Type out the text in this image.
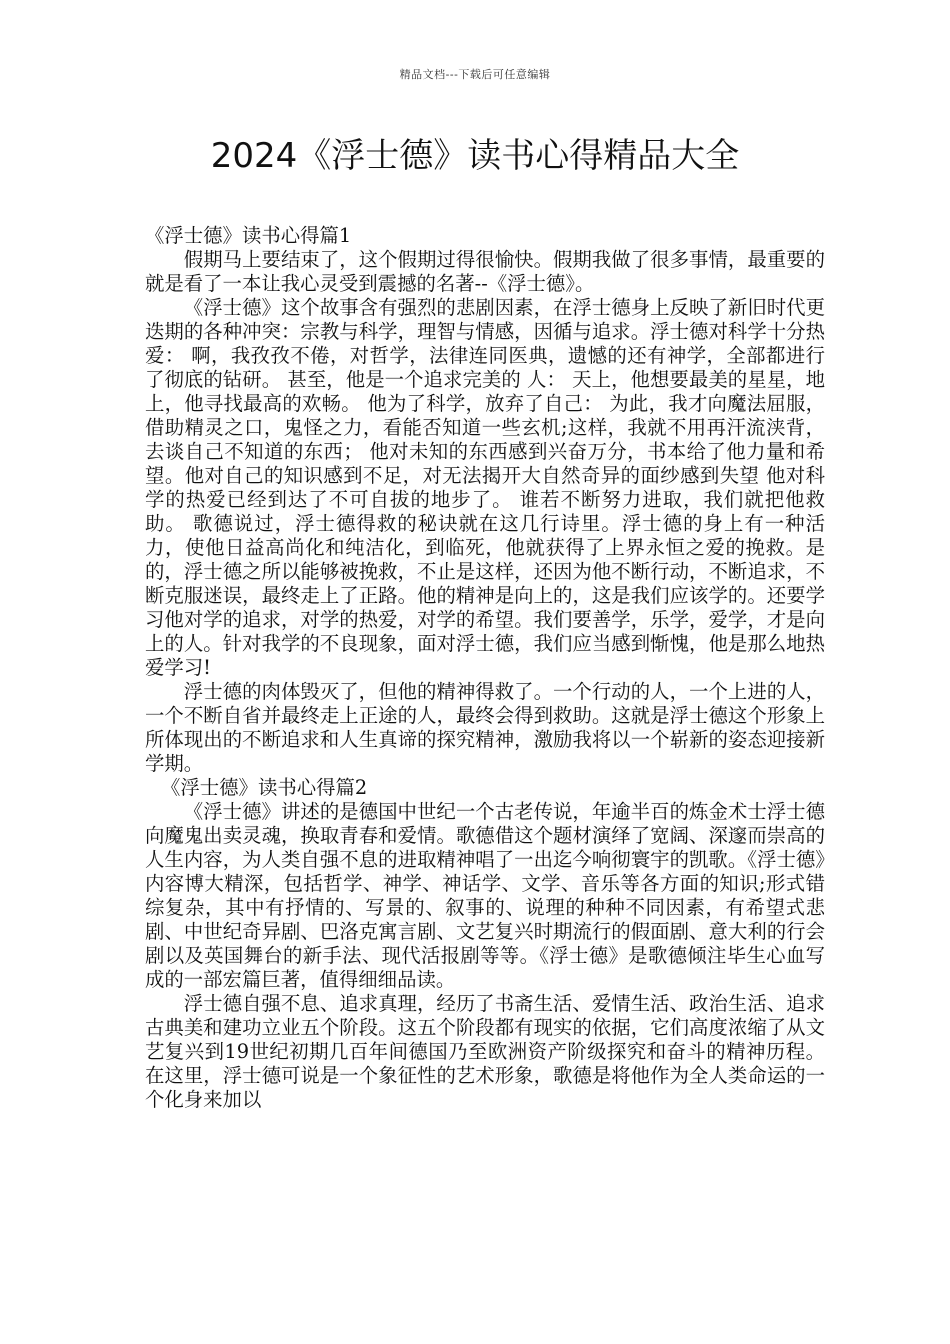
精品文档---下载后可任意编辑
2024《浮士德》读书心得精品大全

《浮士德》读书心得篇1

假期马上要结束了，这个假期过得很愉快。假期我做了很多事情，最重要的就是看了一本让我心灵受到震撼的名著--《浮士德》。

《浮士德》这个故事含有强烈的悲剧因素，在浮士德身上反映了新旧时代更迭期的各种冲突：宗教与科学，理智与情感，因循与追求。浮士德对科学十分热爱： 啊，我孜孜不倦，对哲学，法律连同医典，遗憾的还有神学，全部都进行了彻底的钻研。 甚至，他是一个追求完美的 人： 天上，他想要最美的星星，地上，他寻找最高的欢畅。 他为了科学，放弃了自己： 为此，我才向魔法屈服，借助精灵之口，鬼怪之力，看能否知道一些玄机;这样，我就不用再汗流浃背，去谈自己不知道的东西； 他对未知的东西感到兴奋万分，书本给了他力量和希望。他对自己的知识感到不足，对无法揭开大自然奇异的面纱感到失望 他对科学的热爱已经到达了不可自拔的地步了。 谁若不断努力进取，我们就把他救助。 歌德说过，浮士德得救的秘诀就在这几行诗里。浮士德的身上有一种活力，使他日益高尚化和纯洁化，到临死，他就获得了上界永恒之爱的挽救。是的，浮士德之所以能够被挽救，不止是这样，还因为他不断行动，不断追求，不断克服迷误，最终走上了正路。他的精神是向上的，这是我们应该学的。还要学习他对学的追求，对学的热爱，对学的希望。我们要善学，乐学，爱学，才是向上的人。针对我学的不良现象，面对浮士德，我们应当感到惭愧，他是那么地热爱学习!

浮士德的肉体毁灭了，但他的精神得救了。一个行动的人，一个上进的人，一个不断自省并最终走上正途的人，最终会得到救助。这就是浮士德这个形象上所体现出的不断追求和人生真谛的探究精神，激励我将以一个崭新的姿态迎接新学期。

《浮士德》读书心得篇2

《浮士德》讲述的是德国中世纪一个古老传说，年逾半百的炼金术士浮士德向魔鬼出卖灵魂，换取青春和爱情。歌德借这个题材演绎了宽阔、深邃而崇高的人生内容，为人类自强不息的进取精神唱了一出迄今响彻寰宇的凯歌。《浮士德》内容博大精深，包括哲学、神学、神话学、文学、音乐等各方面的知识;形式错综复杂，其中有抒情的、写景的、叙事的、说理的种种不同因素，有希望式悲剧、中世纪奇异剧、巴洛克寓言剧、文艺复兴时期流行的假面剧、意大利的行会剧以及英国舞台的新手法、现代活报剧等等。《浮士德》是歌德倾注毕生心血写成的一部宏篇巨著，值得细细品读。

浮士德自强不息、追求真理，经历了书斋生活、爱情生活、政治生活、追求古典美和建功立业五个阶段。这五个阶段都有现实的依据，它们高度浓缩了从文艺复兴到19世纪初期几百年间德国乃至欧洲资产阶级探究和奋斗的精神历程。在这里，浮士德可说是一个象征性的艺术形象，歌德是将他作为全人类命运的一个化身来加以
